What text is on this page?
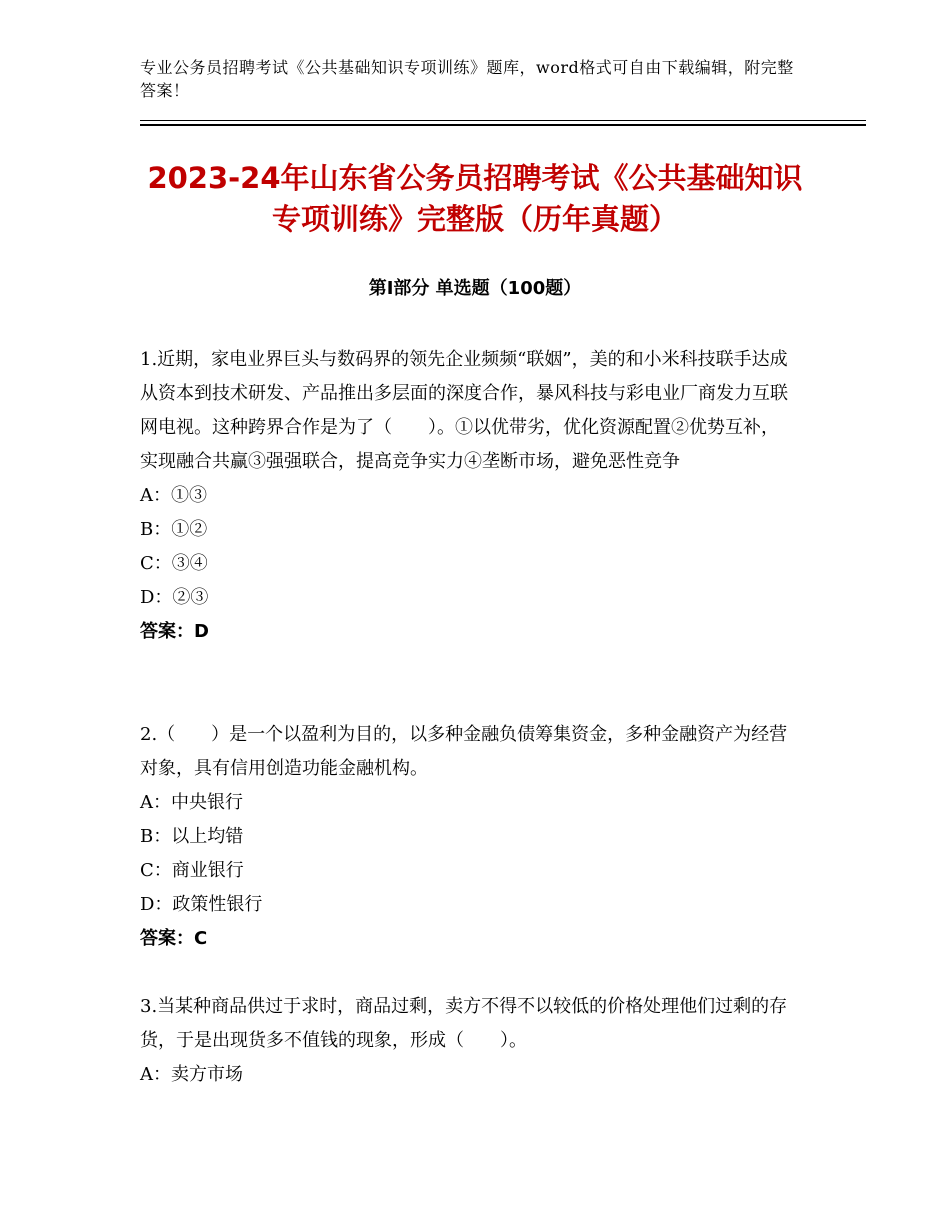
专业公务员招聘考试《公共基础知识专项训练》题库，word格式可自由下载编辑，附完整答案！
2023-24年山东省公务员招聘考试《公共基础知识专项训练》完整版（历年真题）
第Ⅰ部分 单选题（100题）

1.近期，家电业界巨头与数码界的领先企业频频“联姻”，美的和小米科技联手达成从资本到技术研发、产品推出多层面的深度合作，暴风科技与彩电业厂商发力互联网电视。这种跨界合作是为了（　　）。①以优带劣，优化资源配置②优势互补，实现融合共赢③强强联合，提高竞争实力④垄断市场，避免恶性竞争

A：①③

B：①②

C：③④

D：②③

答案：D

2.（　　）是一个以盈利为目的，以多种金融负债筹集资金，多种金融资产为经营对象，具有信用创造功能金融机构。

A：中央银行

B：以上均错

C：商业银行

D：政策性银行

答案：C

3.当某种商品供过于求时，商品过剩，卖方不得不以较低的价格处理他们过剩的存货，于是出现货多不值钱的现象，形成（　　）。

A：卖方市场
